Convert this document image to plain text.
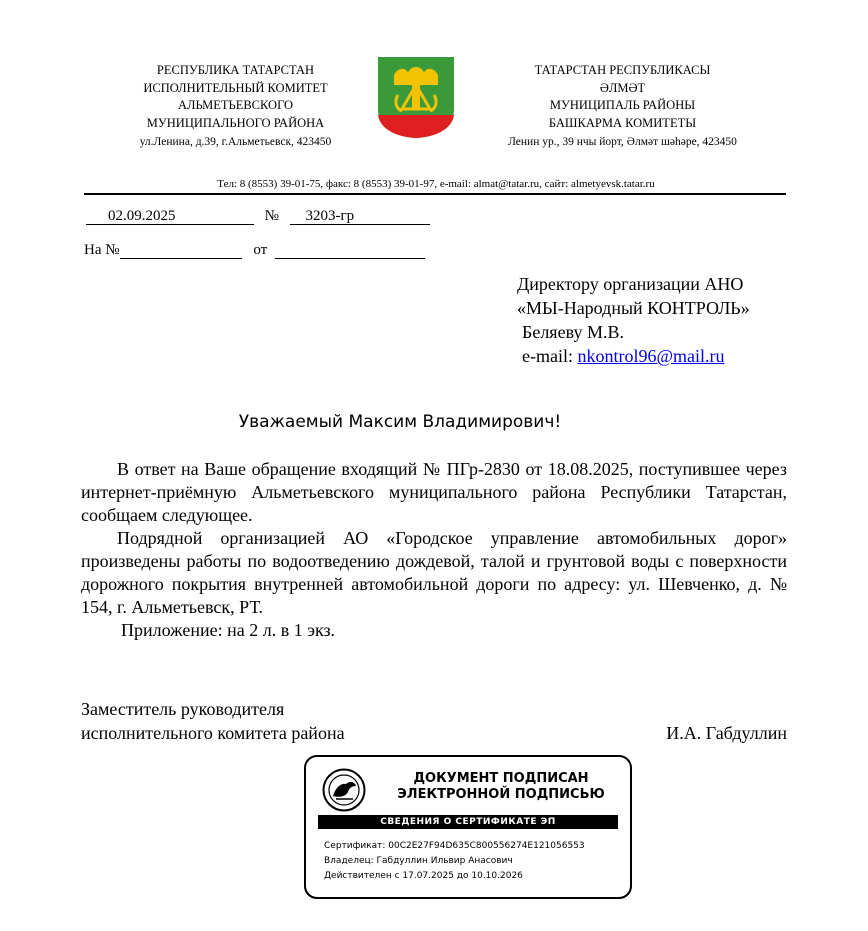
РЕСПУБЛИКА ТАТАРСТАН
ИСПОЛНИТЕЛЬНЫЙ КОМИТЕТ
АЛЬМЕТЬЕВСКОГО
МУНИЦИПАЛЬНОГО РАЙОНА
ул.Ленина, д.39, г.Альметьевск, 423450
ТАТАРСТАН РЕСПУБЛИКАСЫ
ӘЛМӘТ
МУНИЦИПАЛЬ РАЙОНЫ
БАШКАРМА КОМИТЕТЫ
Ленин ур., 39 нчы йорт, Әлмәт шәһәре, 423450
Тел: 8 (8553) 39-01-75, факс: 8 (8553) 39-01-97, e-mail: almat@tatar.ru, сайт: almetyevsk.tatar.ru
02.09.2025	№ 3203-гр
На №	от
Директору организации АНО
«МЫ-Народный КОНТРОЛЬ»
Беляеву М.В.
e-mail: nkontrol96@mail.ru
Уважаемый Максим Владимирович!

В ответ на Ваше обращение входящий № ПГр-2830 от 18.08.2025, поступившее через интернет-приёмную Альметьевского муниципального района Республики Татарстан, сообщаем следующее.

Подрядной организацией АО «Городское управление автомобильных дорог» произведены работы по водоотведению дождевой, талой и грунтовой воды с поверхности дорожного покрытия внутренней автомобильной дороги по адресу: ул. Шевченко, д. № 154, г. Альметьевск, РТ.

Приложение: на 2 л. в 1 экз.

Заместитель руководителя
исполнительного комитета района	И.А. Габдуллин
ДОКУМЕНТ ПОДПИСАН
ЭЛЕКТРОННОЙ ПОДПИСЬЮ
СВЕДЕНИЯ О СЕРТИФИКАТЕ ЭП
Сертификат: 00C2E27F94D635C800556274E121056553
Владелец: Габдуллин Ильвир Анасович
Действителен с 17.07.2025 до 10.10.2026
